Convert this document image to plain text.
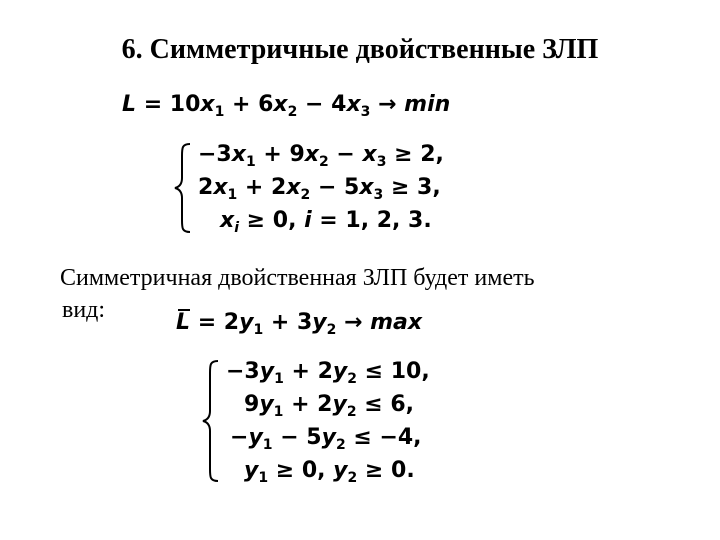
6. Симметричные двойственные ЗЛП
$L = 10x_1 + 6x_2 - 4x_3 \to \min$
$-3x_1 + 9x_2 - x_3 \ge 2$,
$2x_1 + 2x_2 - 5x_3 \ge 3$,
$x_i \ge 0$, i = 1, 2, 3.
Симметричная двойственная ЗЛП будет иметь
вид:	$L = 2y_1 + 3y_2 \to \max$
$-3y_1 + 2y_2 \le 10$,
$9y_1 + 2y_2 \le 6$,
$-y_1 - 5y_2 \le -4$,
$y_1 \ge 0$, $y_2 \ge 0$.
